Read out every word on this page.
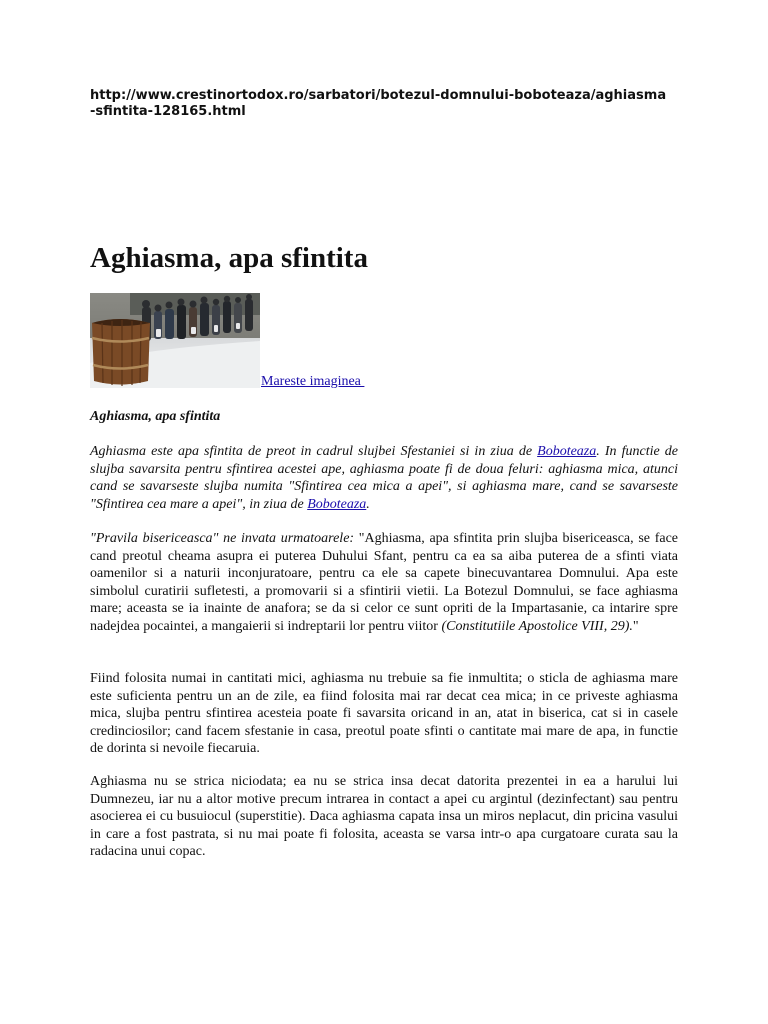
http://www.crestinortodox.ro/sarbatori/botezul-domnului-boboteaza/aghiasma-sfintita-128165.html
Aghiasma, apa sfintita
Mareste imaginea
Aghiasma, apa sfintita
Aghiasma este apa sfintita de preot in cadrul slujbei Sfestaniei si in ziua de Boboteaza. In functie de slujba savarsita pentru sfintirea acestei ape, aghiasma poate fi de doua feluri: aghiasma mica, atunci cand se savarseste slujba numita "Sfintirea cea mica a apei", si aghiasma mare, cand se savarseste "Sfintirea cea mare a apei", in ziua de Boboteaza.
"Pravila bisericeasca" ne invata urmatoarele: "Aghiasma, apa sfintita prin slujba bisericeasca, se face cand preotul cheama asupra ei puterea Duhului Sfant, pentru ca ea sa aiba puterea de a sfinti viata oamenilor si a naturii inconjuratoare, pentru ca ele sa capete binecuvantarea Domnului. Apa este simbolul curatirii sufletesti, a promovarii si a sfintirii vietii. La Botezul Domnului, se face aghiasma mare; aceasta se ia inainte de anafora; se da si celor ce sunt opriti de la Impartasanie, ca intarire spre nadejdea pocaintei, a mangaierii si indreptarii lor pentru viitor (Constitutiile Apostolice VIII, 29)."
Fiind folosita numai in cantitati mici, aghiasma nu trebuie sa fie inmultita; o sticla de aghiasma mare este suficienta pentru un an de zile, ea fiind folosita mai rar decat cea mica; in ce priveste aghiasma mica, slujba pentru sfintirea acesteia poate fi savarsita oricand in an, atat in biserica, cat si in casele credinciosilor; cand facem sfestanie in casa, preotul poate sfinti o cantitate mai mare de apa, in functie de dorinta si nevoile fiecaruia.
Aghiasma nu se strica niciodata; ea nu se strica insa decat datorita prezentei in ea a harului lui Dumnezeu, iar nu a altor motive precum intrarea in contact a apei cu argintul (dezinfectant) sau pentru asocierea ei cu busuiocul (superstitie). Daca aghiasma capata insa un miros neplacut, din pricina vasului in care a fost pastrata, si nu mai poate fi folosita, aceasta se varsa intr-o apa curgatoare curata sau la radacina unui copac.
